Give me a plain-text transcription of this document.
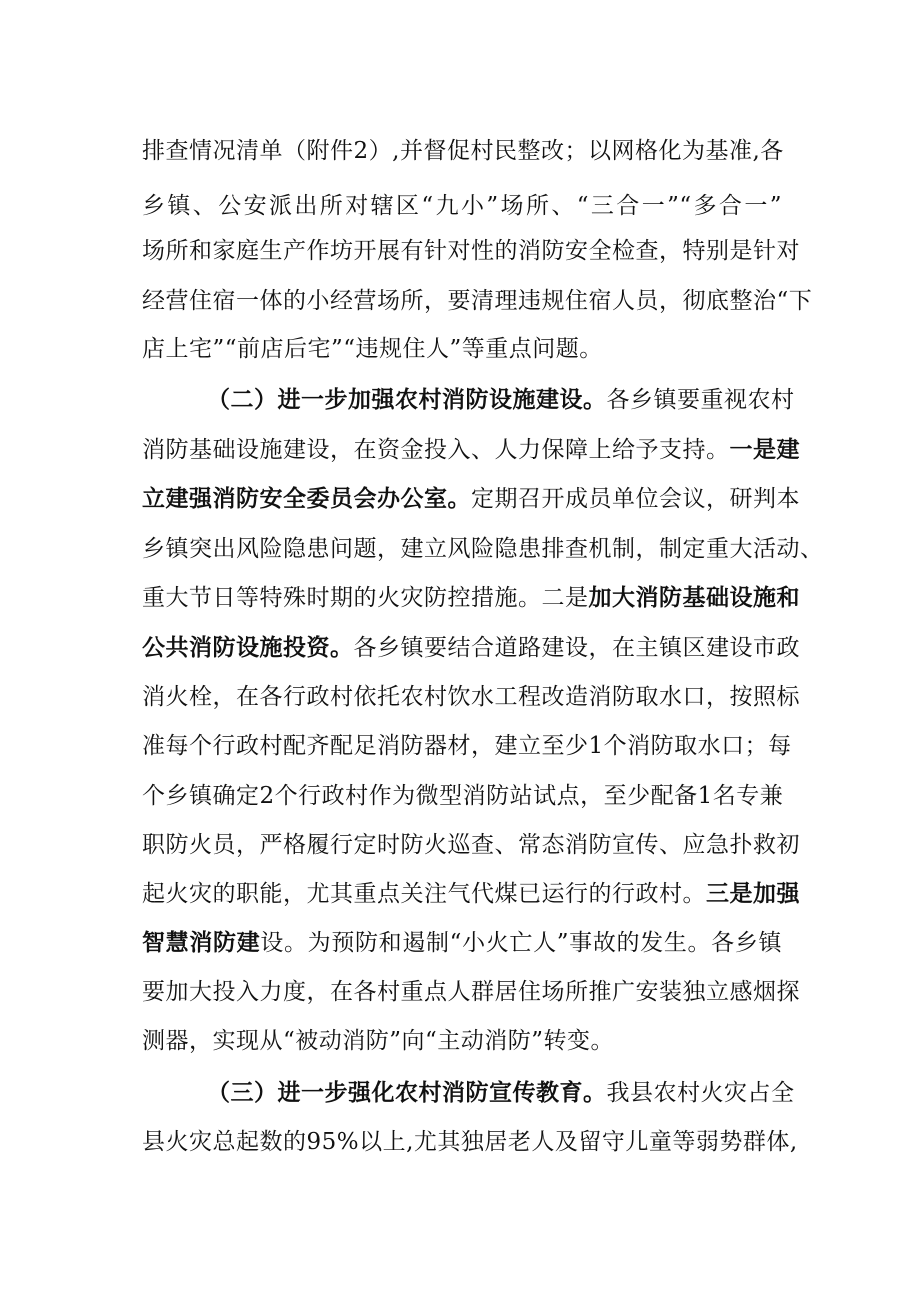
排查情况清单（附件2）,并督促村民整改；以网格化为基准,各
乡镇、公安派出所对辖区“九小”场所、“三合一”“多合一”
场所和家庭生产作坊开展有针对性的消防安全检查，特别是针对
经营住宿一体的小经营场所，要清理违规住宿人员，彻底整治“下
店上宅”“前店后宅”“违规住人”等重点问题。
（二）进一步加强农村消防设施建设。各乡镇要重视农村
消防基础设施建设，在资金投入、人力保障上给予支持。一是建
立建强消防安全委员会办公室。定期召开成员单位会议，研判本
乡镇突出风险隐患问题，建立风险隐患排查机制，制定重大活动、
重大节日等特殊时期的火灾防控措施。二是加大消防基础设施和
公共消防设施投资。各乡镇要结合道路建设，在主镇区建设市政
消火栓，在各行政村依托农村饮水工程改造消防取水口，按照标
准每个行政村配齐配足消防器材，建立至少1个消防取水口；每
个乡镇确定2个行政村作为微型消防站试点，至少配备1名专兼
职防火员，严格履行定时防火巡查、常态消防宣传、应急扑救初
起火灾的职能，尤其重点关注气代煤已运行的行政村。三是加强
智慧消防建设。为预防和遏制“小火亡人”事故的发生。各乡镇
要加大投入力度，在各村重点人群居住场所推广安装独立感烟探
测器，实现从“被动消防”向“主动消防”转变。
（三）进一步强化农村消防宣传教育。我县农村火灾占全
县火灾总起数的95%以上,尤其独居老人及留守儿童等弱势群体,
